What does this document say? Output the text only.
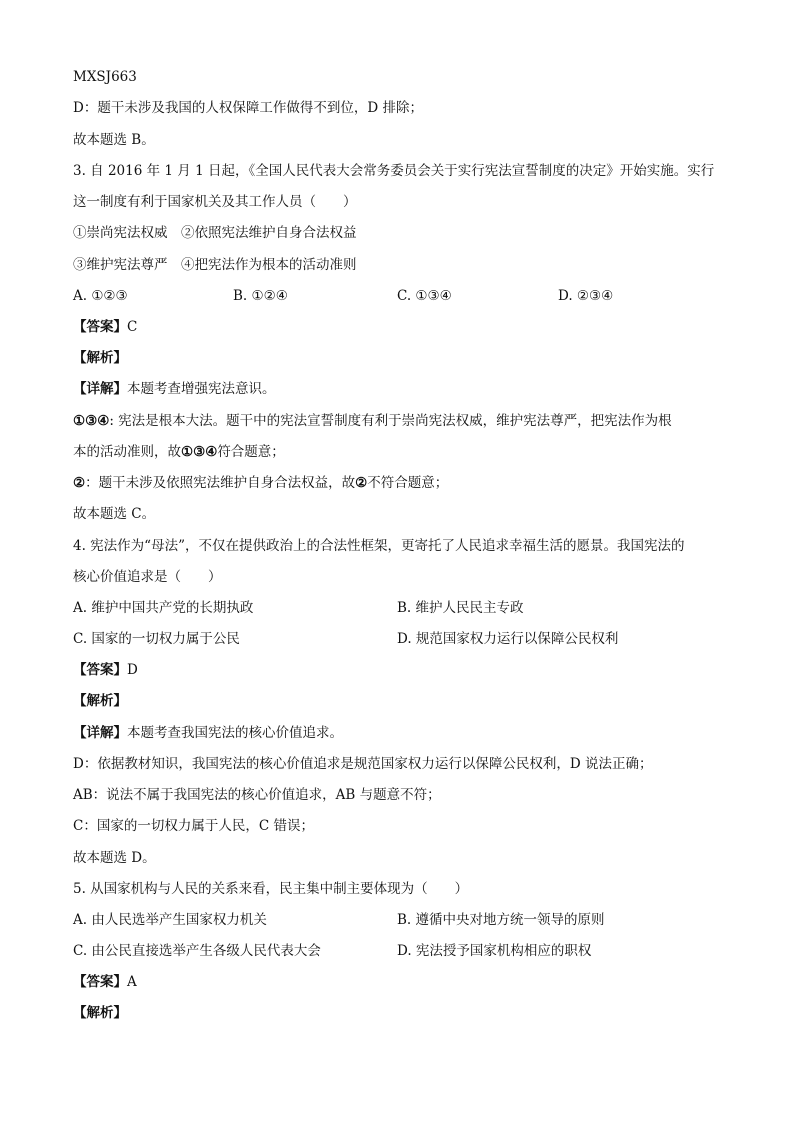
MXSJ663
D：题干未涉及我国的人权保障工作做得不到位，D 排除；
故本题选 B。
3. 自 2016 年 1 月 1 日起，《全国人民代表大会常务委员会关于实行宪法宣誓制度的决定》开始实施。实行
这一制度有利于国家机关及其工作人员（　　）
①崇尚宪法权威　②依照宪法维护自身合法权益
③维护宪法尊严　④把宪法作为根本的活动准则
A. ①②③	B. ①②④	C. ①③④	D. ②③④
【答案】C
【解析】
【详解】本题考查增强宪法意识。
①③④: 宪法是根本大法。题干中的宪法宣誓制度有利于崇尚宪法权威，维护宪法尊严，把宪法作为根
本的活动准则，故①③④符合题意；
②：题干未涉及依照宪法维护自身合法权益，故②不符合题意；
故本题选 C。
4. 宪法作为“母法”，不仅在提供政治上的合法性框架，更寄托了人民追求幸福生活的愿景。我国宪法的
核心价值追求是（　　）
A. 维护中国共产党的长期执政	B. 维护人民民主专政
C. 国家的一切权力属于公民	D. 规范国家权力运行以保障公民权利
【答案】D
【解析】
【详解】本题考查我国宪法的核心价值追求。
D：依据教材知识，我国宪法的核心价值追求是规范国家权力运行以保障公民权利，D 说法正确；
AB：说法不属于我国宪法的核心价值追求，AB 与题意不符；
C：国家的一切权力属于人民，C 错误；
故本题选 D。
5. 从国家机构与人民的关系来看，民主集中制主要体现为（　　）
A. 由人民选举产生国家权力机关	B. 遵循中央对地方统一领导的原则
C. 由公民直接选举产生各级人民代表大会	D. 宪法授予国家机构相应的职权
【答案】A
【解析】
